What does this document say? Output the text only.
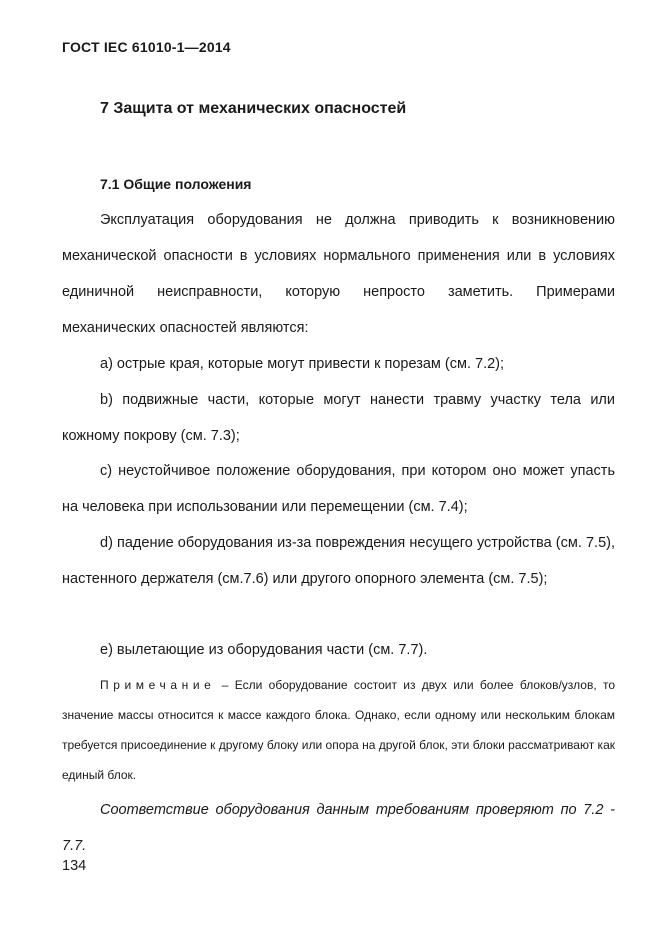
ГОСТ IEC 61010-1—2014
7 Защита от механических опасностей
7.1 Общие положения
Эксплуатация оборудования не должна приводить к возникновению механической опасности в условиях нормального применения или в условиях единичной неисправности, которую непросто заметить. Примерами механических опасностей являются:
a) острые края, которые могут привести к порезам (см. 7.2);
b) подвижные части, которые могут нанести травму участку тела или кожному покрову (см. 7.3);
c) неустойчивое положение оборудования, при котором оно может упасть на человека при использовании или перемещении (см. 7.4);
d) падение оборудования из-за повреждения несущего устройства (см. 7.5), настенного держателя (см.7.6) или другого опорного элемента (см. 7.5);
e) вылетающие из оборудования части (см. 7.7).
Примечание – Если оборудование состоит из двух или более блоков/узлов, то значение массы относится к массе каждого блока. Однако, если одному или нескольким блокам требуется присоединение к другому блоку или опора на другой блок, эти блоки рассматривают как единый блок.
Соответствие оборудования данным требованиям проверяют по 7.2 - 7.7.
134
